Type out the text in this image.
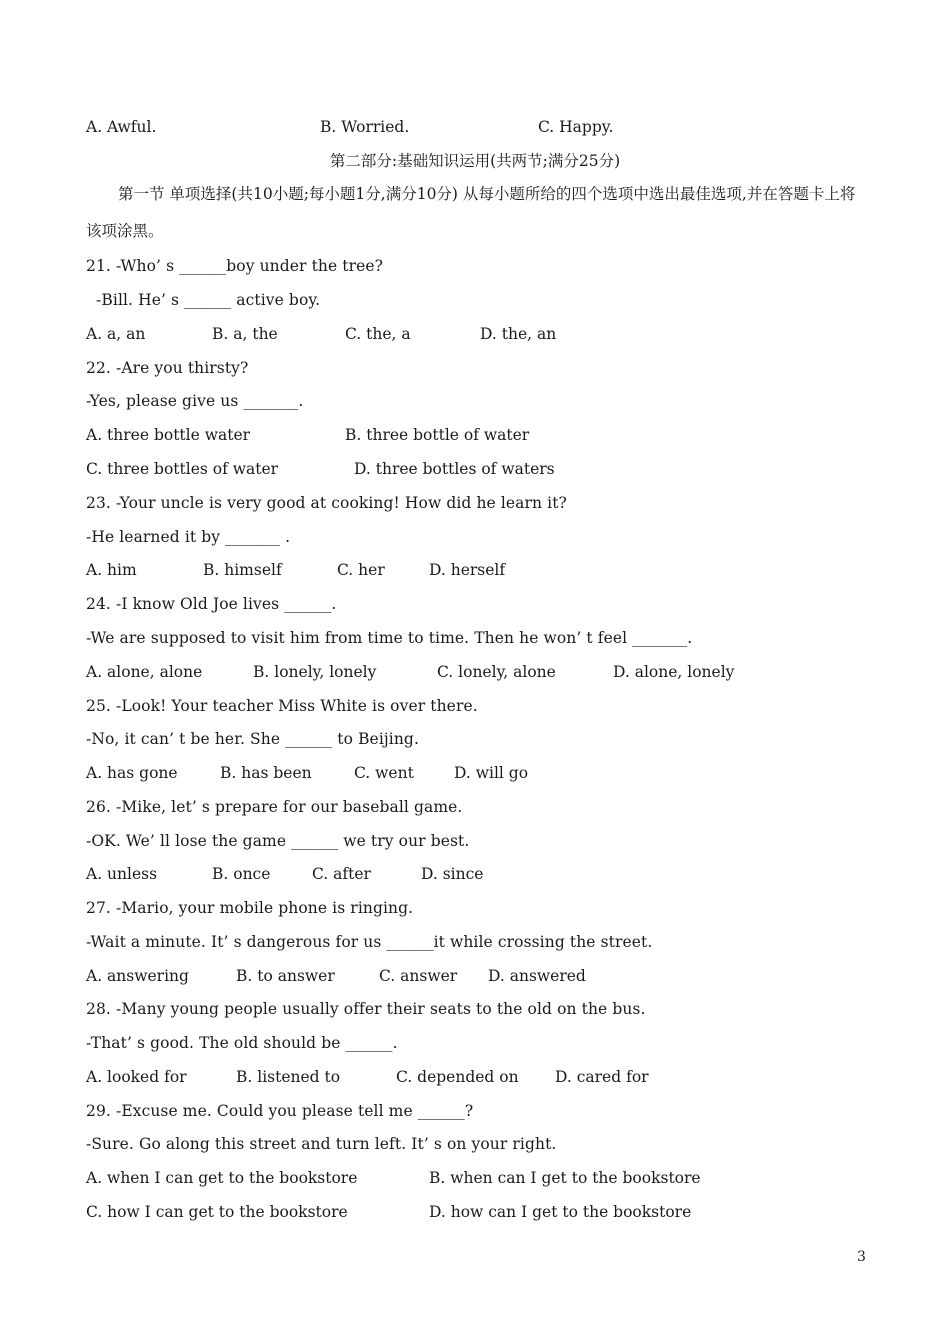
A. Awful.	B. Worried.	C. Happy.
第二部分:基础知识运用(共两节;满分25分)
第一节 单项选择(共10小题;每小题1分,满分10分) 从每小题所给的四个选项中选出最佳选项,并在答题卡上将该项涂黑。
21. -Who’ s ______boy under the tree?
-Bill. He’ s ______ active boy.
A. a, an	B. a, the	C. the, a	D. the, an
22. -Are you thirsty?
-Yes, please give us _______.
A. three bottle water	B. three bottle of water
C. three bottles of water	D. three bottles of waters
23. -Your uncle is very good at cooking! How did he learn it?
-He learned it by _______ .
A. him	B. himself	C. her	D. herself
24. -I know Old Joe lives ______.
-We are supposed to visit him from time to time. Then he won’ t feel _______.
A. alone, alone	B. lonely, lonely	C. lonely, alone	D. alone, lonely
25. -Look! Your teacher Miss White is over there.
-No, it can’ t be her. She ______ to Beijing.
A. has gone	B. has been	C. went	D. will go
26. -Mike, let’ s prepare for our baseball game.
-OK. We’ ll lose the game ______ we try our best.
A. unless	B. once	C. after	D. since
27. -Mario, your mobile phone is ringing.
-Wait a minute. It’ s dangerous for us ______it while crossing the street.
A. answering	B. to answer	C. answer D. answered
28. -Many young people usually offer their seats to the old on the bus.
-That’ s good. The old should be ______.
A. looked for	B. listened to	C. depended on D. cared for
29. -Excuse me. Could you please tell me ______?
-Sure. Go along this street and turn left. It’ s on your right.
A. when I can get to the bookstore	B. when can I get to the bookstore
C. how I can get to the bookstore	D. how can I get to the bookstore
3
